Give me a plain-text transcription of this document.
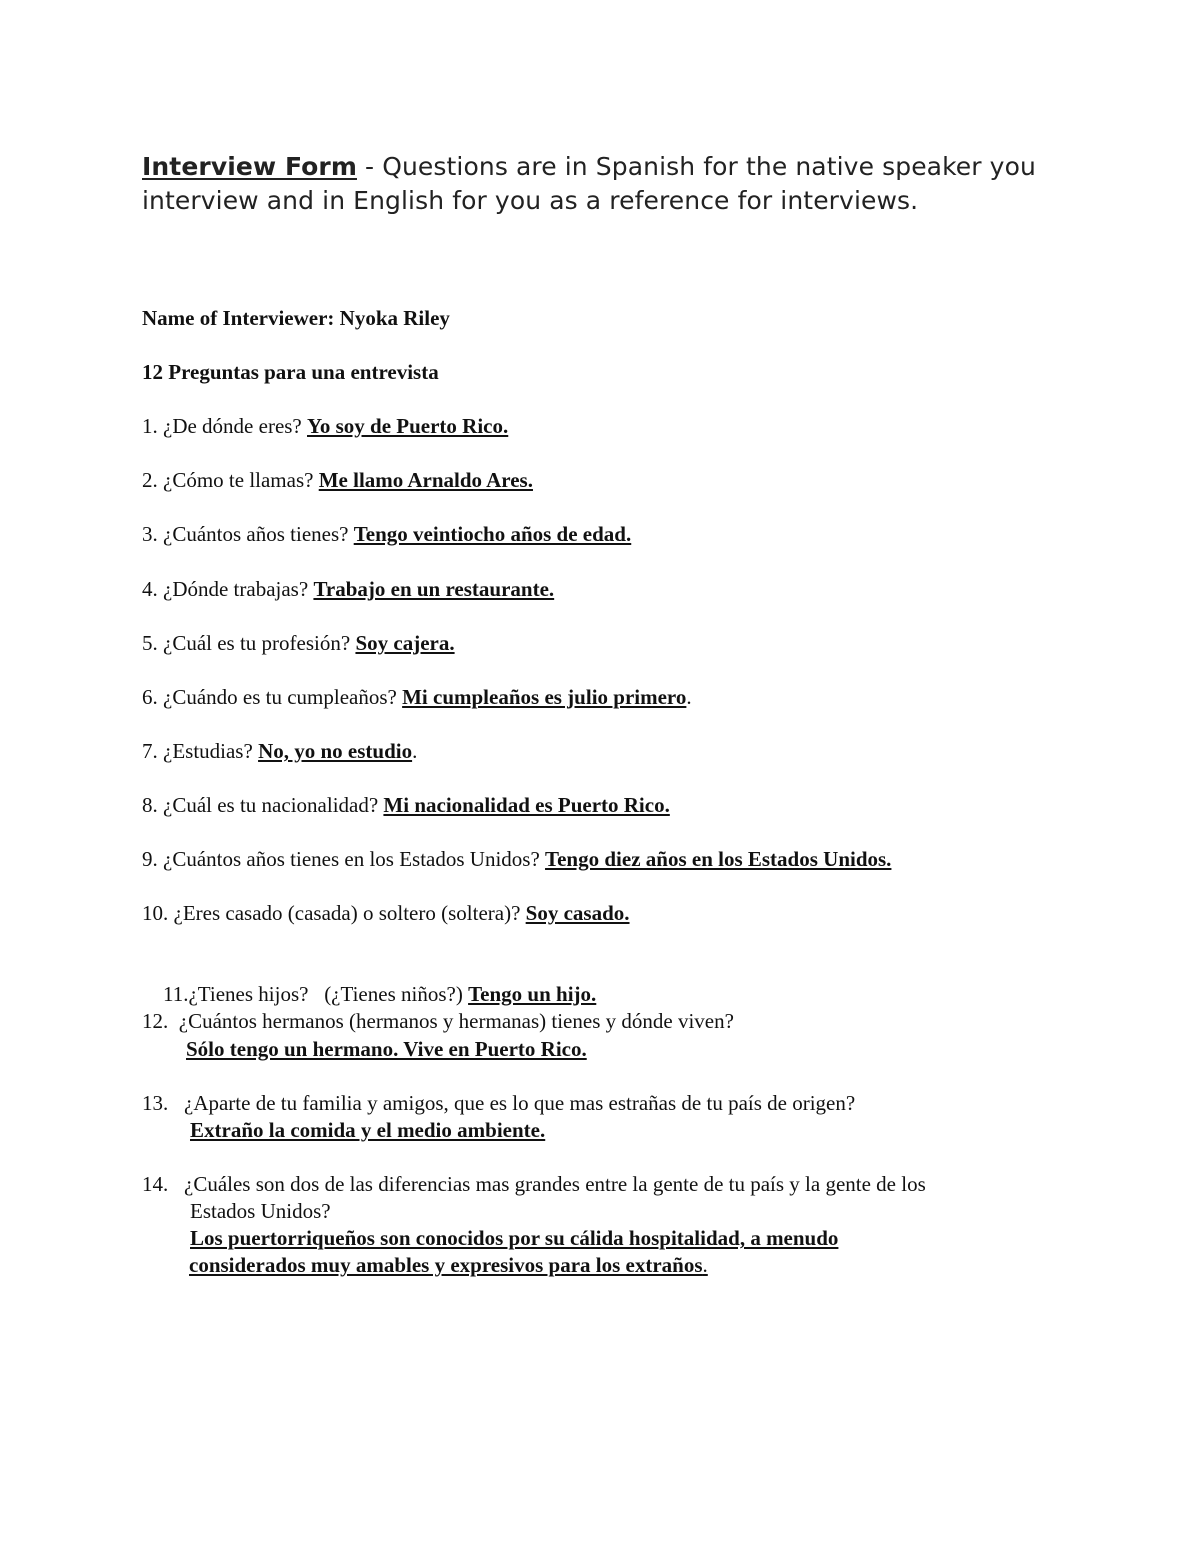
Interview Form - Questions are in Spanish for the native speaker you interview and in English for you as a reference for interviews.
Name of Interviewer: Nyoka Riley
12 Preguntas para una entrevista
1. ¿De dónde eres? Yo soy de Puerto Rico.
2. ¿Cómo te llamas? Me llamo Arnaldo Ares.
3. ¿Cuántos años tienes? Tengo veintiocho años de edad.
4. ¿Dónde trabajas? Trabajo en un restaurante.
5. ¿Cuál es tu profesión? Soy cajera.
6. ¿Cuándo es tu cumpleaños? Mi cumpleaños es julio primero.
7. ¿Estudias? No, yo no estudio.
8. ¿Cuál es tu nacionalidad? Mi nacionalidad es Puerto Rico.
9. ¿Cuántos años tienes en los Estados Unidos? Tengo diez años en los Estados Unidos.
10. ¿Eres casado (casada) o soltero (soltera)? Soy casado.

11.¿Tienes hijos?   (¿Tienes niños?) Tengo un hijo.

12.  ¿Cuántos hermanos (hermanos y hermanas) tienes y dónde viven?
Sólo tengo un hermano. Vive en Puerto Rico.
13.   ¿Aparte de tu familia y amigos, que es lo que mas estrañas de tu país de origen?
Extraño la comida y el medio ambiente.
14.   ¿Cuáles son dos de las diferencias mas grandes entre la gente de tu país y la gente de los
Estados Unidos?
Los puertorriqueños son conocidos por su cálida hospitalidad, a menudo
considerados muy amables y expresivos para los extraños.
